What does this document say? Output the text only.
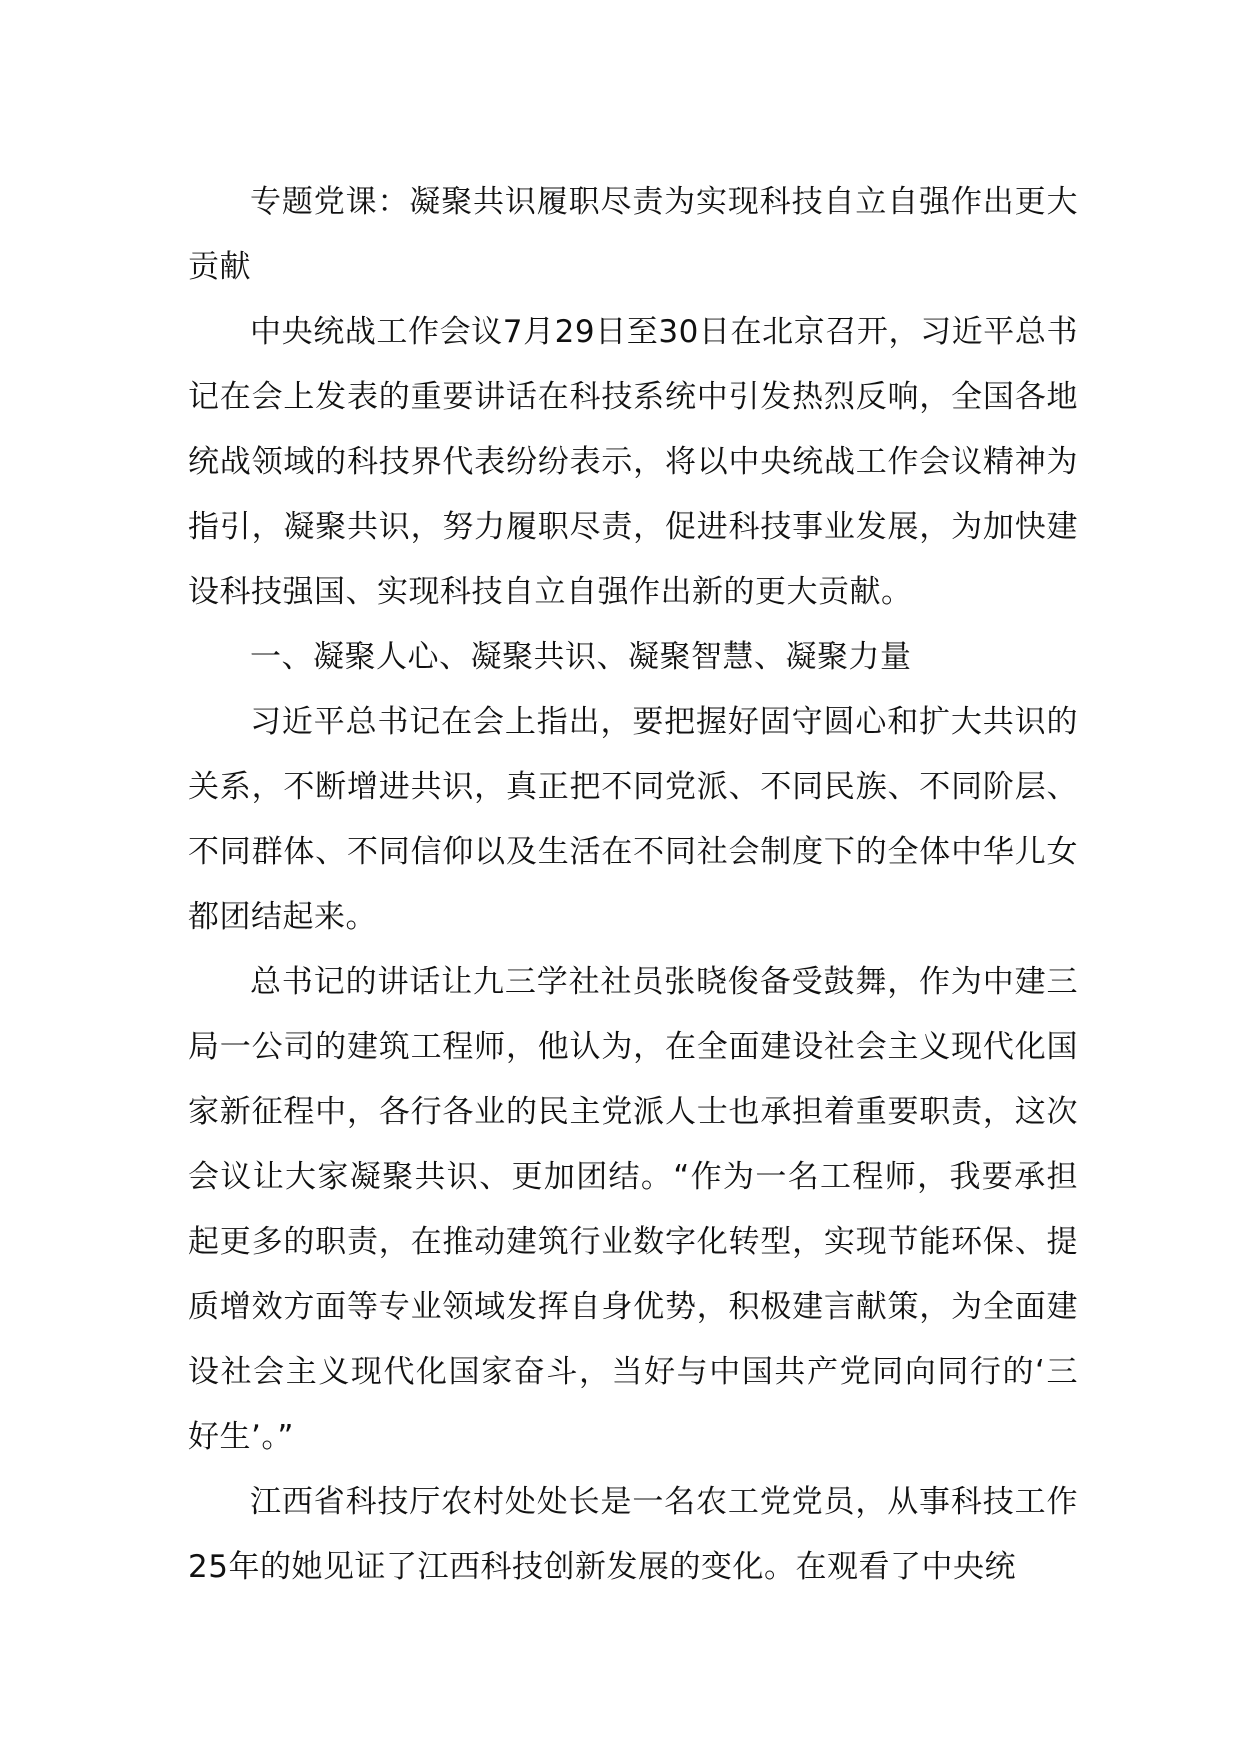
专题党课：凝聚共识履职尽责为实现科技自立自强作出更大贡献

中央统战工作会议7月29日至30日在北京召开，习近平总书记在会上发表的重要讲话在科技系统中引发热烈反响，全国各地统战领域的科技界代表纷纷表示，将以中央统战工作会议精神为指引，凝聚共识，努力履职尽责，促进科技事业发展，为加快建设科技强国、实现科技自立自强作出新的更大贡献。

一、凝聚人心、凝聚共识、凝聚智慧、凝聚力量

习近平总书记在会上指出，要把握好固守圆心和扩大共识的关系，不断增进共识，真正把不同党派、不同民族、不同阶层、不同群体、不同信仰以及生活在不同社会制度下的全体中华儿女都团结起来。

总书记的讲话让九三学社社员张晓俊备受鼓舞，作为中建三局一公司的建筑工程师，他认为，在全面建设社会主义现代化国家新征程中，各行各业的民主党派人士也承担着重要职责，这次会议让大家凝聚共识、更加团结。“作为一名工程师，我要承担起更多的职责，在推动建筑行业数字化转型，实现节能环保、提质增效方面等专业领域发挥自身优势，积极建言献策，为全面建设社会主义现代化国家奋斗，当好与中国共产党同向同行的‘三好生’。”

江西省科技厅农村处处长是一名农工党党员，从事科技工作25年的她见证了江西科技创新发展的变化。在观看了中央统
